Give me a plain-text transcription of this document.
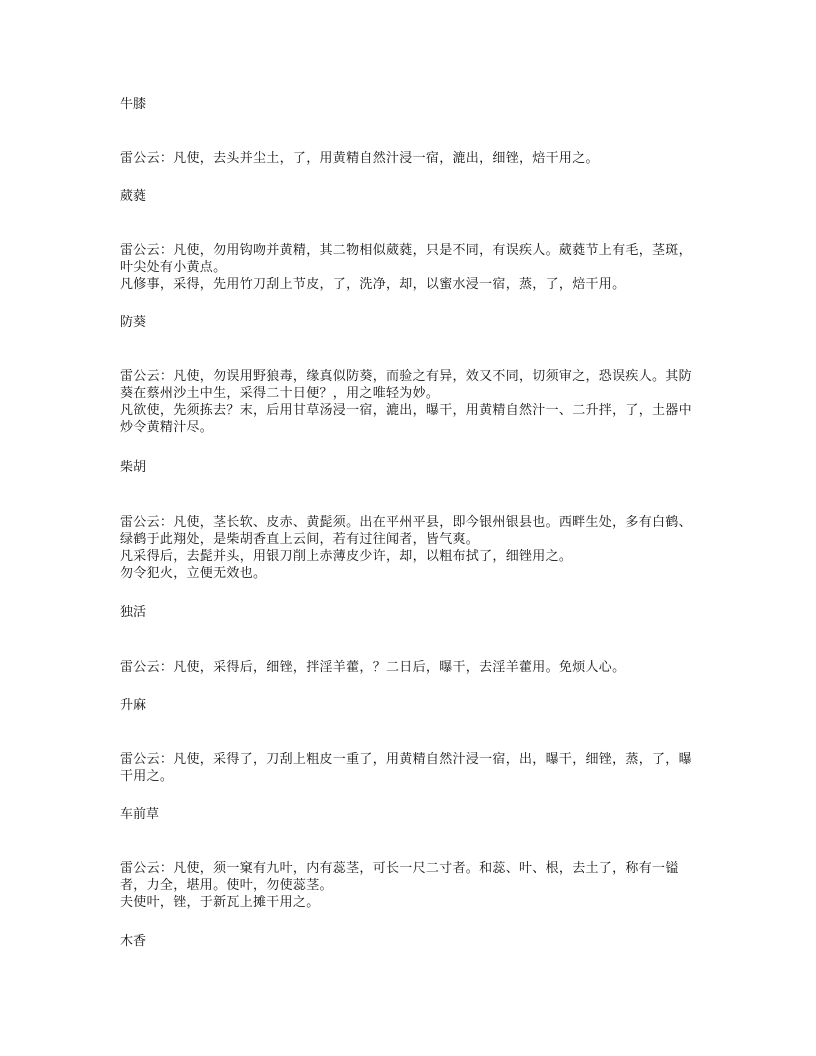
牛膝
雷公云：凡使，去头并尘土，了，用黄精自然汁浸一宿，漉出，细锉，焙干用之。
葳蕤
雷公云：凡使，勿用钩吻并黄精，其二物相似葳蕤，只是不同，有误疾人。葳蕤节上有毛，茎斑，叶尖处有小黄点。
凡修事，采得，先用竹刀刮上节皮，了，洗净，却，以蜜水浸一宿，蒸，了，焙干用。
防葵
雷公云：凡使，勿误用野狼毒，缘真似防葵，而验之有异，效又不同，切须审之，恐误疾人。其防葵在蔡州沙土中生，采得二十日便？，用之唯轻为妙。
凡欲使，先须拣去？末，后用甘草汤浸一宿，漉出，曝干，用黄精自然汁一、二升拌，了，土器中炒令黄精汁尽。
柴胡
雷公云：凡使，茎长软、皮赤、黄髭须。出在平州平县，即今银州银县也。西畔生处，多有白鹤、绿鹤于此翔处，是柴胡香直上云间，若有过往闻者，皆气爽。
凡采得后，去髭并头，用银刀削上赤薄皮少许，却，以粗布拭了，细锉用之。
勿令犯火，立便无效也。
独活
雷公云：凡使，采得后，细锉，拌淫羊藿，？二日后，曝干，去淫羊藿用。免烦人心。
升麻
雷公云：凡使，采得了，刀刮上粗皮一重了，用黄精自然汁浸一宿，出，曝干，细锉，蒸，了，曝干用之。
车前草
雷公云：凡使，须一窠有九叶，内有蕊茎，可长一尺二寸者。和蕊、叶、根，去土了，称有一镒者，力全，堪用。使叶，勿使蕊茎。
夫使叶，锉，于新瓦上摊干用之。
木香
